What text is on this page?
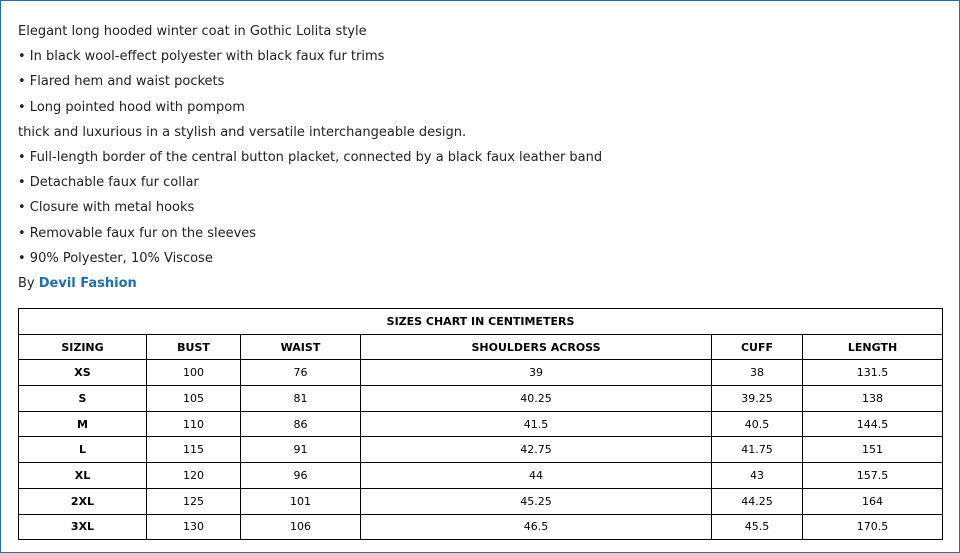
Elegant long hooded winter coat in Gothic Lolita style
• In black wool-effect polyester with black faux fur trims
• Flared hem and waist pockets
• Long pointed hood with pompom
thick and luxurious in a stylish and versatile interchangeable design.
• Full-length border of the central button placket, connected by a black faux leather band
• Detachable faux fur collar
• Closure with metal hooks
• Removable faux fur on the sleeves
• 90% Polyester, 10% Viscose
By Devil Fashion
SIZES CHART IN CENTIMETERS					
SIZING	BUST	WAIST	SHOULDERS ACROSS	CUFF	LENGTH
XS	100	76	39	38	131.5
S	105	81	40.25	39.25	138
M	110	86	41.5	40.5	144.5
L	115	91	42.75	41.75	151
XL	120	96	44	43	157.5
2XL	125	101	45.25	44.25	164
3XL	130	106	46.5	45.5	170.5
